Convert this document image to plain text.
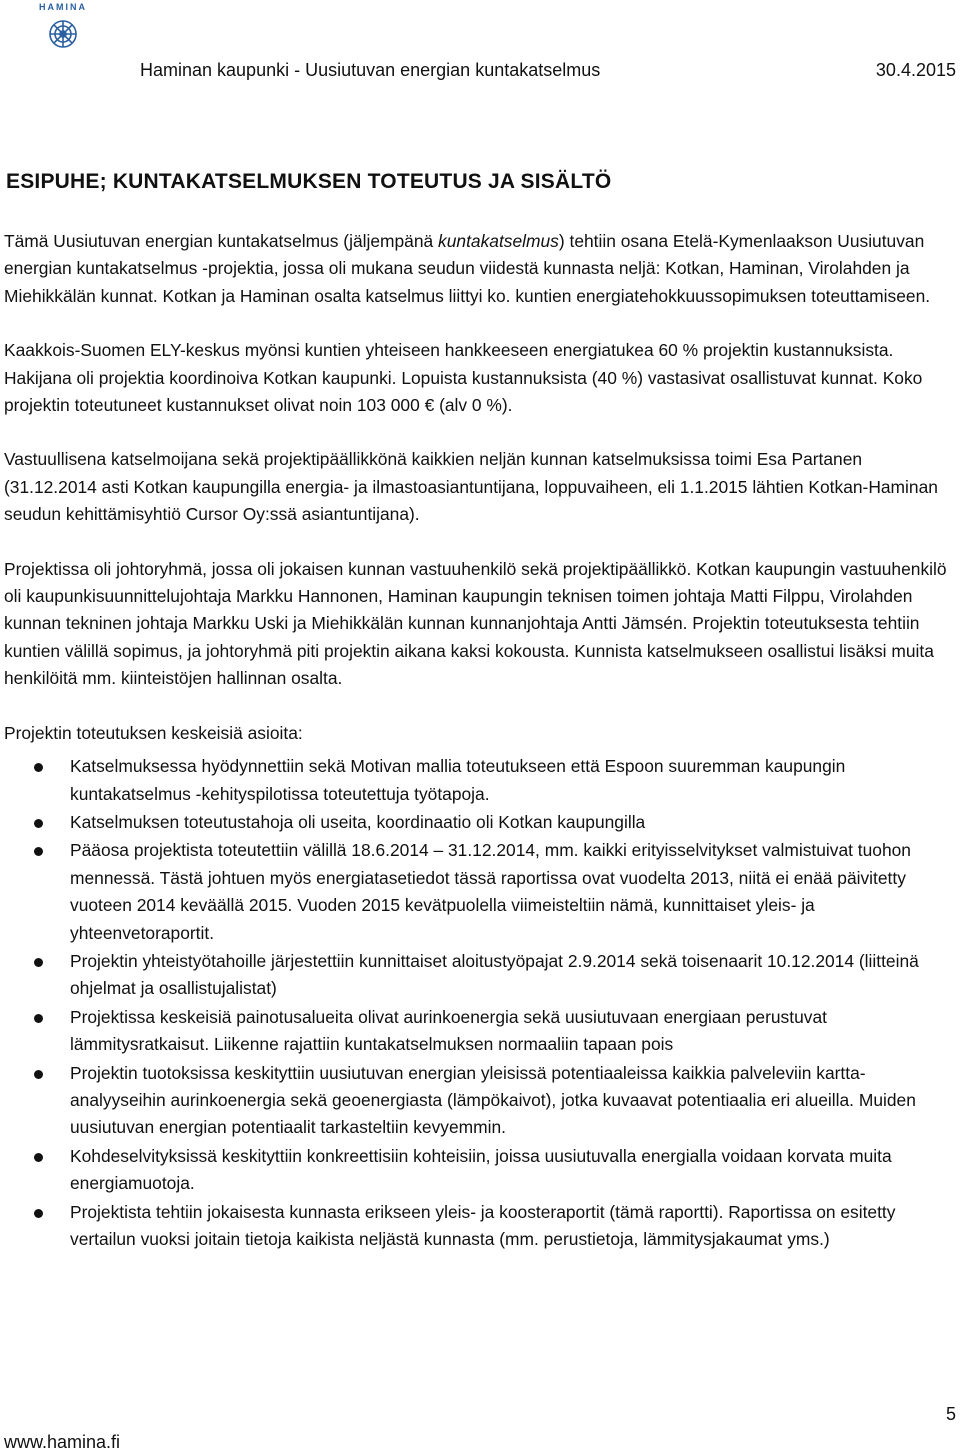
HAMINA
Haminan kaupunki - Uusiutuvan energian kuntakatselmus	30.4.2015
ESIPUHE; KUNTAKATSELMUKSEN TOTEUTUS JA SISÄLTÖ

Tämä Uusiutuvan energian kuntakatselmus (jäljempänä kuntakatselmus) tehtiin osana Etelä-Kymenlaakson Uusiutuvan energian kuntakatselmus -projektia, jossa oli mukana seudun viidestä kunnasta neljä: Kotkan, Haminan, Virolahden ja Miehikkälän kunnat. Kotkan ja Haminan osalta katselmus liittyi ko. kuntien energiatehokkuussopimuksen toteuttamiseen.

Kaakkois-Suomen ELY-keskus myönsi kuntien yhteiseen hankkeeseen energiatukea 60 % projektin kustannuksista. Hakijana oli projektia koordinoiva Kotkan kaupunki. Lopuista kustannuksista (40 %) vastasivat osallistuvat kunnat. Koko projektin toteutuneet kustannukset olivat noin 103 000 € (alv 0 %).

Vastuullisena katselmoijana sekä projektipäällikkönä kaikkien neljän kunnan katselmuksissa toimi Esa Partanen (31.12.2014 asti Kotkan kaupungilla energia- ja ilmastoasiantuntijana, loppuvaiheen, eli 1.1.2015 lähtien Kotkan-Haminan seudun kehittämisyhtiö Cursor Oy:ssä asiantuntijana).

Projektissa oli johtoryhmä, jossa oli jokaisen kunnan vastuuhenkilö sekä projektipäällikkö. Kotkan kaupungin vastuuhenkilö oli kaupunkisuunnittelujohtaja Markku Hannonen, Haminan kaupungin teknisen toimen johtaja Matti Filppu, Virolahden kunnan tekninen johtaja Markku Uski ja Miehikkälän kunnan kunnanjohtaja Antti Jämsén. Projektin toteutuksesta tehtiin kuntien välillä sopimus, ja johtoryhmä piti projektin aikana kaksi kokousta. Kunnista katselmukseen osallistui lisäksi muita henkilöitä mm. kiinteistöjen hallinnan osalta.

Projektin toteutuksen keskeisiä asioita:

Katselmuksessa hyödynnettiin sekä Motivan mallia toteutukseen että Espoon suuremman kaupungin kuntakatselmus -kehityspilotissa toteutettuja työtapoja.
Katselmuksen toteutustahoja oli useita, koordinaatio oli Kotkan kaupungilla
Pääosa projektista toteutettiin välillä 18.6.2014 – 31.12.2014, mm. kaikki erityisselvitykset valmistuivat tuohon mennessä. Tästä johtuen myös energiatasetiedot tässä raportissa ovat vuodelta 2013, niitä ei enää päivitetty vuoteen 2014 keväällä 2015. Vuoden 2015 kevätpuolella viimeisteltiin nämä, kunnittaiset yleis- ja yhteenvetoraportit.
Projektin yhteistyötahoille järjestettiin kunnittaiset aloitustyöpajat 2.9.2014 sekä toisenaarit 10.12.2014 (liitteinä ohjelmat ja osallistujalistat)
Projektissa keskeisiä painotusalueita olivat aurinkoenergia sekä uusiutuvaan energiaan perustuvat lämmitysratkaisut. Liikenne rajattiin kuntakatselmuksen normaaliin tapaan pois
Projektin tuotoksissa keskityttiin uusiutuvan energian yleisissä potentiaaleissa kaikkia palveleviin kartta-analyyseihin aurinkoenergia sekä geoenergiasta (lämpökaivot), jotka kuvaavat potentiaalia eri alueilla. Muiden uusiutuvan energian potentiaalit tarkasteltiin kevyemmin.
Kohdeselvityksissä keskityttiin konkreettisiin kohteisiin, joissa uusiutuvalla energialla voidaan korvata muita energiamuotoja.
Projektista tehtiin jokaisesta kunnasta erikseen yleis- ja koosteraportit (tämä raportti). Raportissa on esitetty vertailun vuoksi joitain tietoja kaikista neljästä kunnasta (mm. perustietoja, lämmitysjakaumat yms.)
5
www.hamina.fi
